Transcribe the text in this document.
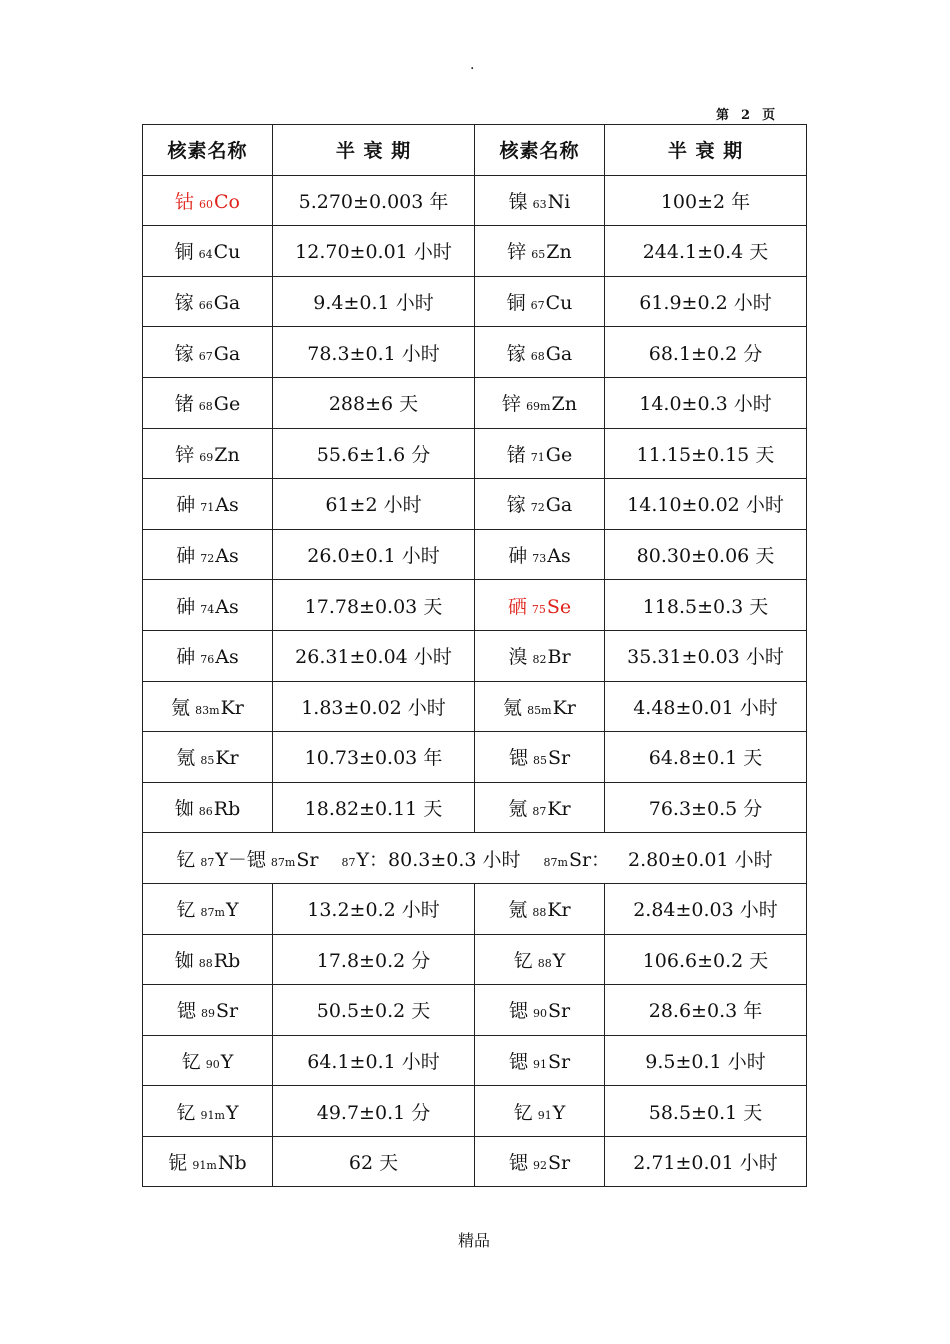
.
第  2  页
核素名称	半 衰 期	核素名称	半 衰 期
钴 60Co	5.270±0.003 年	镍 63Ni	100±2 年
铜 64Cu	12.70±0.01 小时	锌 65Zn	244.1±0.4 天
镓 66Ga	9.4±0.1 小时	铜 67Cu	61.9±0.2 小时
镓 67Ga	78.3±0.1 小时	镓 68Ga	68.1±0.2 分
锗 68Ge	288±6 天	锌 69mZn	14.0±0.3 小时
锌 69Zn	55.6±1.6 分	锗 71Ge	11.15±0.15 天
砷 71As	61±2 小时	镓 72Ga	14.10±0.02 小时
砷 72As	26.0±0.1 小时	砷 73As	80.30±0.06 天
砷 74As	17.78±0.03 天	硒 75Se	118.5±0.3 天
砷 76As	26.31±0.04 小时	溴 82Br	35.31±0.03 小时
氪 83mKr	1.83±0.02 小时	氪 85mKr	4.48±0.01 小时
氪 85Kr	10.73±0.03 年	锶 85Sr	64.8±0.1 天
铷 86Rb	18.82±0.11 天	氪 87Kr	76.3±0.5 分
钇 87Y－锶 87mSr 87Y：80.3±0.3 小时 87mSr： 2.80±0.01 小时			
钇 87mY	13.2±0.2 小时	氪 88Kr	2.84±0.03 小时
铷 88Rb	17.8±0.2 分	钇 88Y	106.6±0.2 天
锶 89Sr	50.5±0.2 天	锶 90Sr	28.6±0.3 年
钇 90Y	64.1±0.1 小时	锶 91Sr	9.5±0.1 小时
钇 91mY	49.7±0.1 分	钇 91Y	58.5±0.1 天
铌 91mNb	62 天	锶 92Sr	2.71±0.01 小时
精品
